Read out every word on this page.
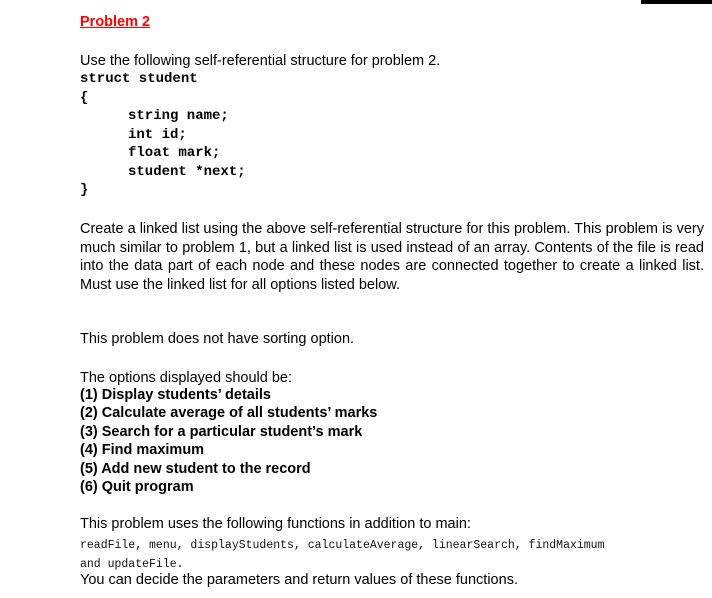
Problem 2
Use the following self-referential structure for problem 2.
struct student
{
string name;
int id;
float mark;
student *next;
}
Create a linked list using the above self-referential structure for this problem. This problem is very much similar to problem 1, but a linked list is used instead of an array. Contents of the file is read into the data part of each node and these nodes are connected together to create a linked list. Must use the linked list for all options listed below.
This problem does not have sorting option.
The options displayed should be:
(1) Display students’ details
(2) Calculate average of all students’ marks
(3) Search for a particular student’s mark
(4) Find maximum
(5) Add new student to the record
(6) Quit program
This problem uses the following functions in addition to main:
readFile, menu, displayStudents, calculateAverage, linearSearch, findMaximum
and updateFile.
You can decide the parameters and return values of these functions.
